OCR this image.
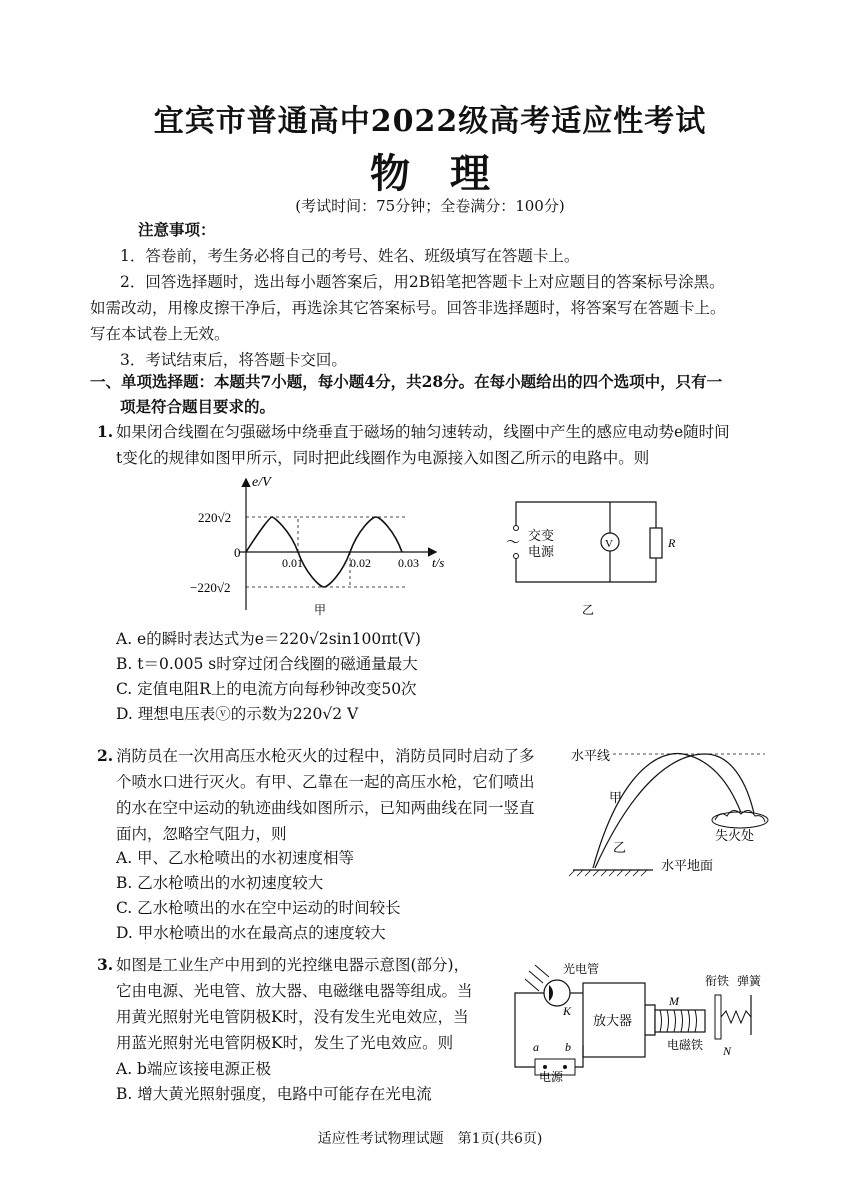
宜宾市普通高中2022级高考适应性考试
物理
(考试时间：75分钟；全卷满分：100分)
注意事项：
1．答卷前，考生务必将自己的考号、姓名、班级填写在答题卡上。
2．回答选择题时，选出每小题答案后，用2B铅笔把答题卡上对应题目的答案标号涂黑。
如需改动，用橡皮擦干净后，再选涂其它答案标号。回答非选择题时，将答案写在答题卡上。
写在本试卷上无效。
3．考试结束后，将答题卡交回。
一、单项选择题：本题共7小题，每小题4分，共28分。在每小题给出的四个选项中，只有一
项是符合题目要求的。
1. 如果闭合线圈在匀强磁场中绕垂直于磁场的轴匀速转动，线圈中产生的感应电动势e随时间
t变化的规律如图甲所示，同时把此线圈作为电源接入如图乙所示的电路中。则
e/V
220√2
0
−220√2
0.01	0.02 0.03 t/s
甲
～
交变
电源	V	R
乙
A. e的瞬时表达式为e＝220√2sin100πt(V)
B. t＝0.005 s时穿过闭合线圈的磁通量最大
C. 定值电阻R上的电流方向每秒钟改变50次
D. 理想电压表ⓥ的示数为220√2 V
2. 消防员在一次用高压水枪灭火的过程中，消防员同时启动了多
个喷水口进行灭火。有甲、乙靠在一起的高压水枪，它们喷出
的水在空中运动的轨迹曲线如图所示，已知两曲线在同一竖直
面内，忽略空气阻力，则
A. 甲、乙水枪喷出的水初速度相等
B. 乙水枪喷出的水初速度较大
C. 乙水枪喷出的水在空中运动的时间较长
D. 甲水枪喷出的水在最高点的速度较大
水平线
甲
乙
失火处
水平地面
3. 如图是工业生产中用到的光控继电器示意图(部分)，
它由电源、光电管、放大器、电磁继电器等组成。当
用黄光照射光电管阴极K时，没有发生光电效应，当
用蓝光照射光电管阴极K时，发生了光电效应。则
A. b端应该接电源正极
B. 增大黄光照射强度，电路中可能存在光电流
光电管
K
放大器
a b
电源
M
电磁铁
衔铁 弹簧
N
适应性考试物理试题　第1页(共6页)
